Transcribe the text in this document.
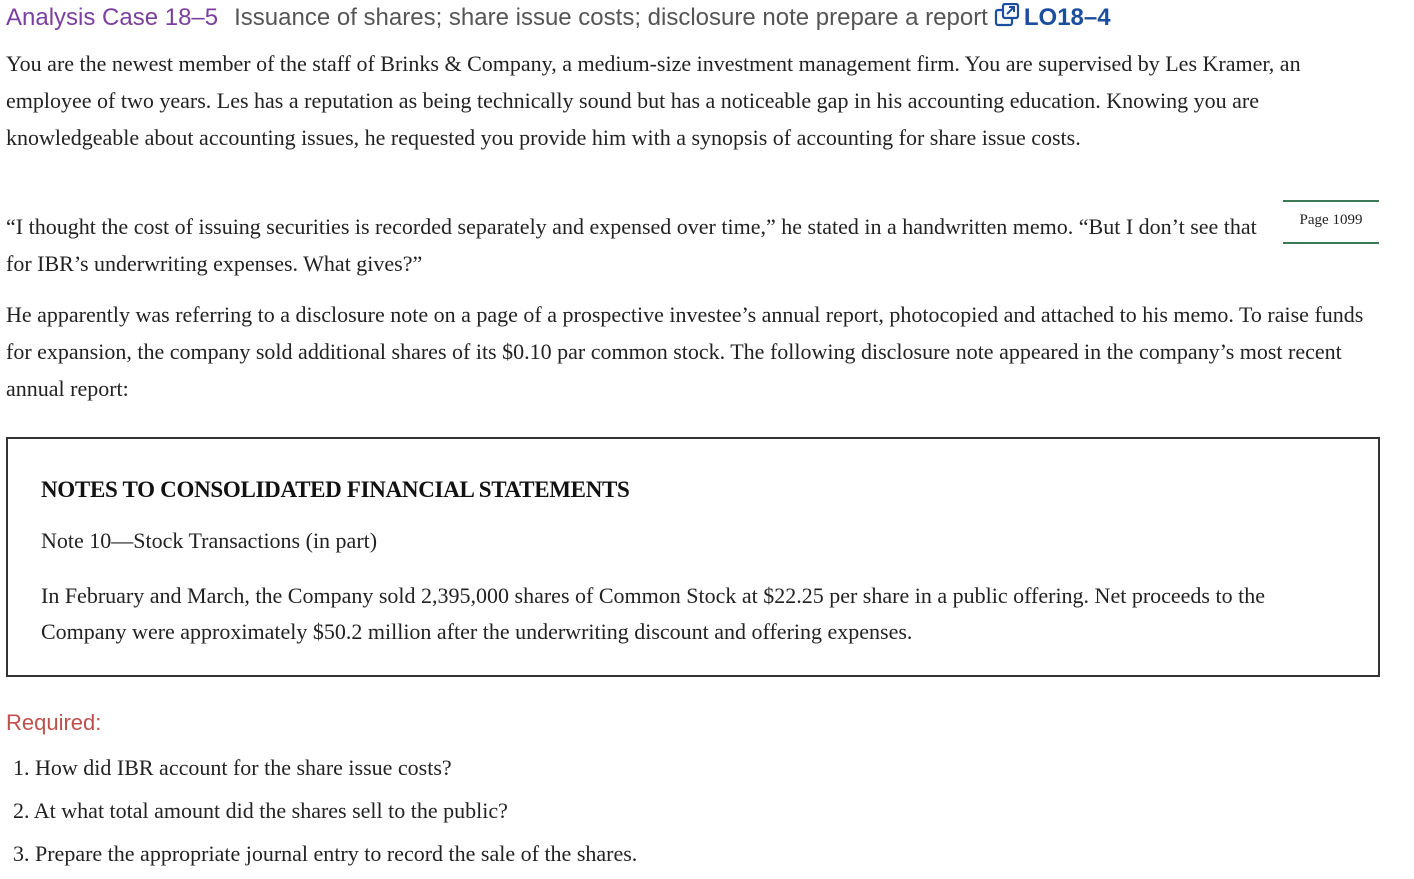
Analysis Case 18–5 Issuance of shares; share issue costs; disclosure note prepare a report LO18–4

You are the newest member of the staff of Brinks & Company, a medium-size investment management firm. You are supervised by Les Kramer, an employee of two years. Les has a reputation as being technically sound but has a noticeable gap in his accounting education. Knowing you are knowledgeable about accounting issues, he requested you provide him with a synopsis of accounting for share issue costs.

“I thought the cost of issuing securities is recorded separately and expensed over time,” he stated in a handwritten memo. “But I don’t see that for IBR’s underwriting expenses. What gives?”

Page 1099

He apparently was referring to a disclosure note on a page of a prospective investee’s annual report, photocopied and attached to his memo. To raise funds for expansion, the company sold additional shares of its $0.10 par common stock. The following disclosure note appeared in the company’s most recent annual report:

NOTES TO CONSOLIDATED FINANCIAL STATEMENTS
Note 10—Stock Transactions (in part)
In February and March, the Company sold 2,395,000 shares of Common Stock at $22.25 per share in a public offering. Net proceeds to the Company were approximately $50.2 million after the underwriting discount and offering expenses.
Required:
1. How did IBR account for the share issue costs?
2. At what total amount did the shares sell to the public?
3. Prepare the appropriate journal entry to record the sale of the shares.
